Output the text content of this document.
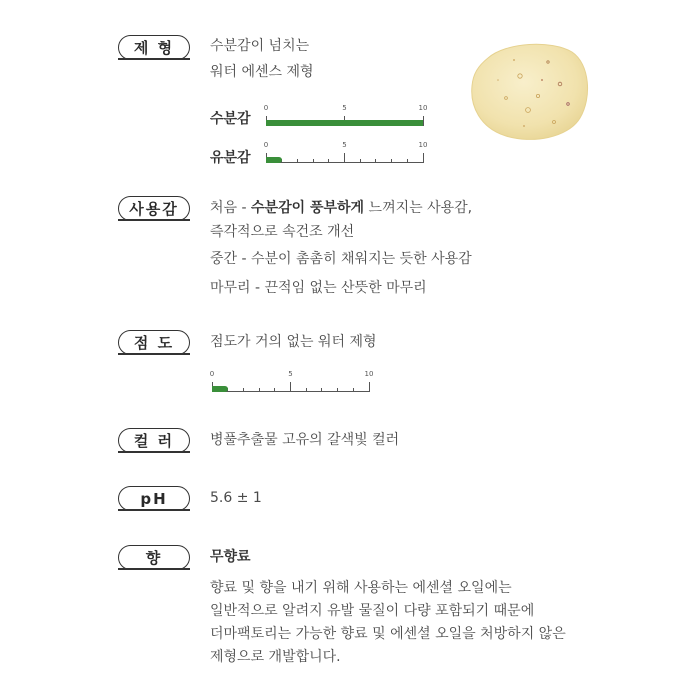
제 형	수분감이 넘치는
워터 에센스 제형
수분감
0	5	10
유분감
0	5	10
사용감	처음 - 수분감이 풍부하게 느껴지는 사용감,
즉각적으로 속건조 개선
중간 - 수분이 촘촘히 채워지는 듯한 사용감
마무리 - 끈적임 없는 산뜻한 마무리
점 도	점도가 거의 없는 워터 제형
0	5	10
컬 러	병풀추출물 고유의 갈색빛 컬러
pH	5.6 ± 1
향	무향료
향료 및 향을 내기 위해 사용하는 에센셜 오일에는
일반적으로 알려지 유발 물질이 다량 포함되기 때문에
더마팩토리는 가능한 향료 및 에센셜 오일을 처방하지 않은
제형으로 개발합니다.
